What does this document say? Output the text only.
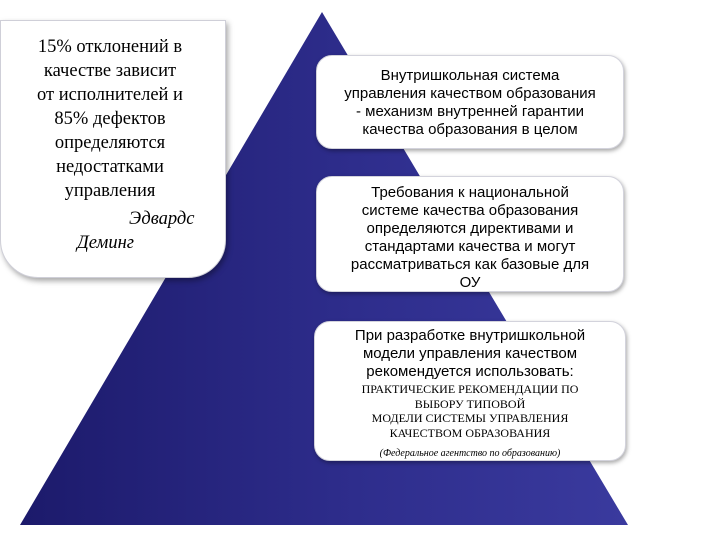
15% отклонений в
качестве зависит
от исполнителей и
85% дефектов
определяются
недостатками
управления
Эдвардс
Деминг
Внутришкольная система
управления качеством образования
- механизм внутренней гарантии
качества образования в целом
Требования к национальной
системе качества образования
определяются директивами и
стандартами качества и могут
рассматриваться как базовые для
ОУ
При разработке внутришкольной
модели управления качеством
рекомендуется использовать:
ПРАКТИЧЕСКИЕ РЕКОМЕНДАЦИИ ПО
ВЫБОРУ ТИПОВОЙ
МОДЕЛИ СИСТЕМЫ УПРАВЛЕНИЯ
КАЧЕСТВОМ ОБРАЗОВАНИЯ
(Федеральное агентство по образованию)
